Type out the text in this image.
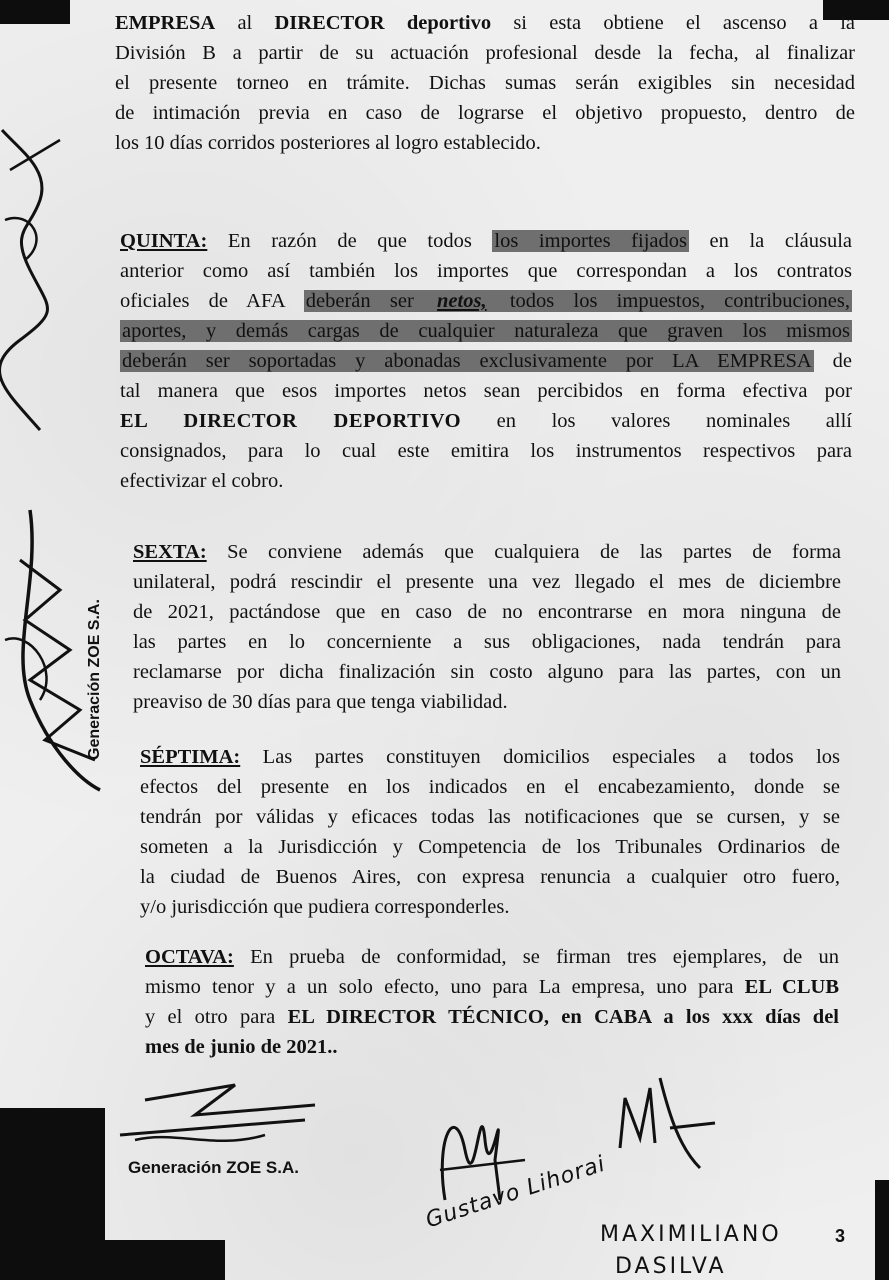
EMPRESA al DIRECTOR deportivo si esta obtiene el ascenso a la
División B a partir de su actuación profesional desde la fecha, al finalizar
el presente torneo en trámite. Dichas sumas serán exigibles sin necesidad
de intimación previa en caso de lograrse el objetivo propuesto, dentro de
los 10 días corridos posteriores al logro establecido.
QUINTA: En razón de que todos los importes fijados en la cláusula
anterior como así también los importes que correspondan a los contratos
oficiales de AFA deberán ser netos, todos los impuestos, contribuciones,
aportes, y demás cargas de cualquier naturaleza que graven los mismos
deberán ser soportadas y abonadas exclusivamente por LA EMPRESA de
tal manera que esos importes netos sean percibidos en forma efectiva por
EL DIRECTOR DEPORTIVO en los valores nominales allí
consignados, para lo cual este emitira los instrumentos respectivos para
efectivizar el cobro.
SEXTA: Se conviene además que cualquiera de las partes de forma
unilateral, podrá rescindir el presente una vez llegado el mes de diciembre
de 2021, pactándose que en caso de no encontrarse en mora ninguna de
las partes en lo concerniente a sus obligaciones, nada tendrán para
reclamarse por dicha finalización sin costo alguno para las partes, con un
preaviso de 30 días para que tenga viabilidad.
SÉPTIMA: Las partes constituyen domicilios especiales a todos los
efectos del presente en los indicados en el encabezamiento, donde se
tendrán por válidas y eficaces todas las notificaciones que se cursen, y se
someten a la Jurisdicción y Competencia de los Tribunales Ordinarios de
la ciudad de Buenos Aires, con expresa renuncia a cualquier otro fuero,
y/o jurisdicción que pudiera corresponderles.
OCTAVA: En prueba de conformidad, se firman tres ejemplares, de un
mismo tenor y a un solo efecto, uno para La empresa, uno para EL CLUB
y el otro para EL DIRECTOR TÉCNICO, en CABA a los xxx días del
mes de junio de 2021..
Generación ZOE S.A.
Generación ZOE S.A.	Gustavo Lihorai
MAXIMILIANO
DASILVA
3
